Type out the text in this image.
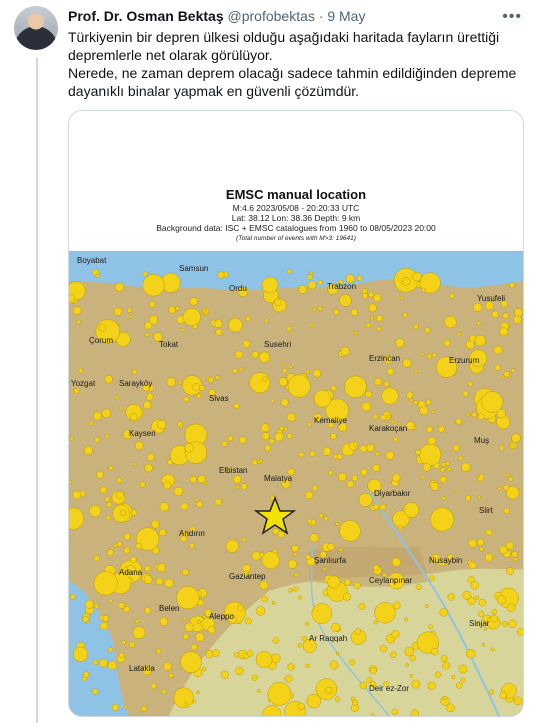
Prof. Dr. Osman Bektaş @profobektas · 9 May	•••

Türkiyenin bir depren ülkesi olduğu aşağıdaki haritada fayların ürettiği depremlerle net olarak görülüyor.

Nerede, ne zaman deprem olacağı sadece tahmin edildiğinden depreme dayanıklı binalar yapmak en güvenli çözümdür.

EMSC manual location
M:4.6 2023/05/08 - 20:20:33 UTC
Lat: 38.12 Lon: 38.36 Depth: 9 km
Background data: ISC + EMSC catalogues from 1960 to 08/05/2023 20:00
(Total number of events with M>3: 19641)
Boyabat
Samsun
Ordu	Trabzon
Yusufeli
Çorum	Tokat	Susehri
Erzincan	Erzurum
Yozgat
Sivas
Sarayköy
Kemaliye
Karakoçan
Kayseri
Muş
Elbistan
Malatya
Diyarbakır
Siirt
Andırın
Şanlıurfa	Nusaybin
Adana	Gaziantep	Ceylanpınar
Belen
Aleppo
Ar Raqqah
Sinjar
Latakia
Deir ez-Zor
